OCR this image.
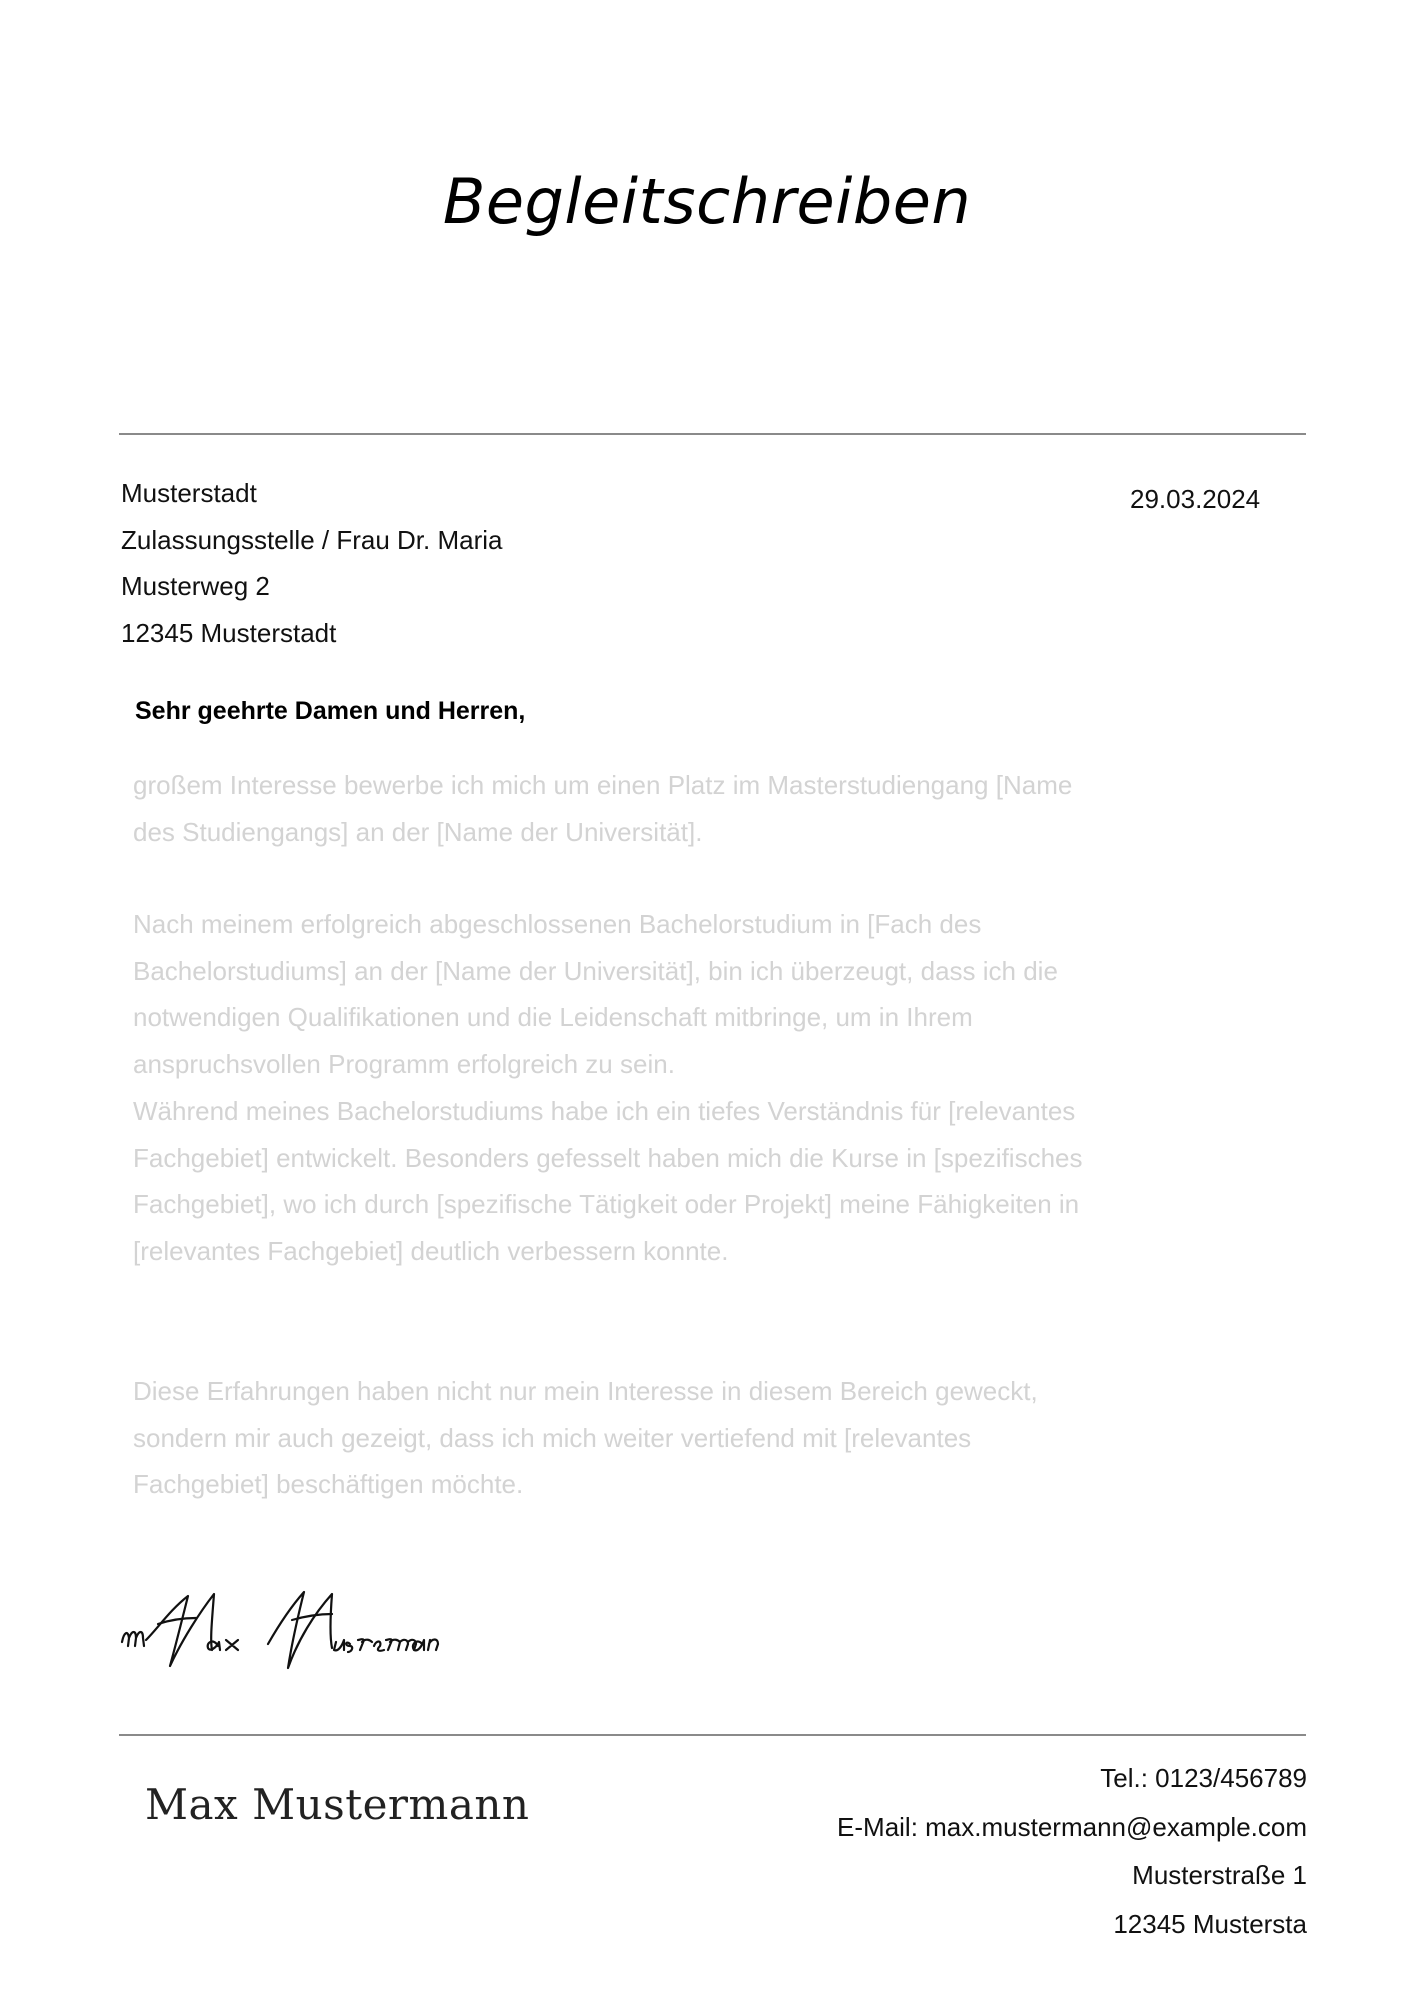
Begleitschreiben
Musterstadt
Zulassungsstelle / Frau Dr. Maria
Musterweg 2
12345 Musterstadt
29.03.2024
Sehr geehrte Damen und Herren,
großem Interesse bewerbe ich mich um einen Platz im Masterstudiengang [Name
des Studiengangs] an der [Name der Universität].
Nach meinem erfolgreich abgeschlossenen Bachelorstudium in [Fach des
Bachelorstudiums] an der [Name der Universität], bin ich überzeugt, dass ich die
notwendigen Qualifikationen und die Leidenschaft mitbringe, um in Ihrem
anspruchsvollen Programm erfolgreich zu sein.
Während meines Bachelorstudiums habe ich ein tiefes Verständnis für [relevantes
Fachgebiet] entwickelt. Besonders gefesselt haben mich die Kurse in [spezifisches
Fachgebiet], wo ich durch [spezifische Tätigkeit oder Projekt] meine Fähigkeiten in
[relevantes Fachgebiet] deutlich verbessern konnte.
Diese Erfahrungen haben nicht nur mein Interesse in diesem Bereich geweckt,
sondern mir auch gezeigt, dass ich mich weiter vertiefend mit [relevantes
Fachgebiet] beschäftigen möchte.
Max Mustermann
Tel.: 0123/456789
E-Mail: max.mustermann@example.com
Musterstraße 1
12345 Mustersta
